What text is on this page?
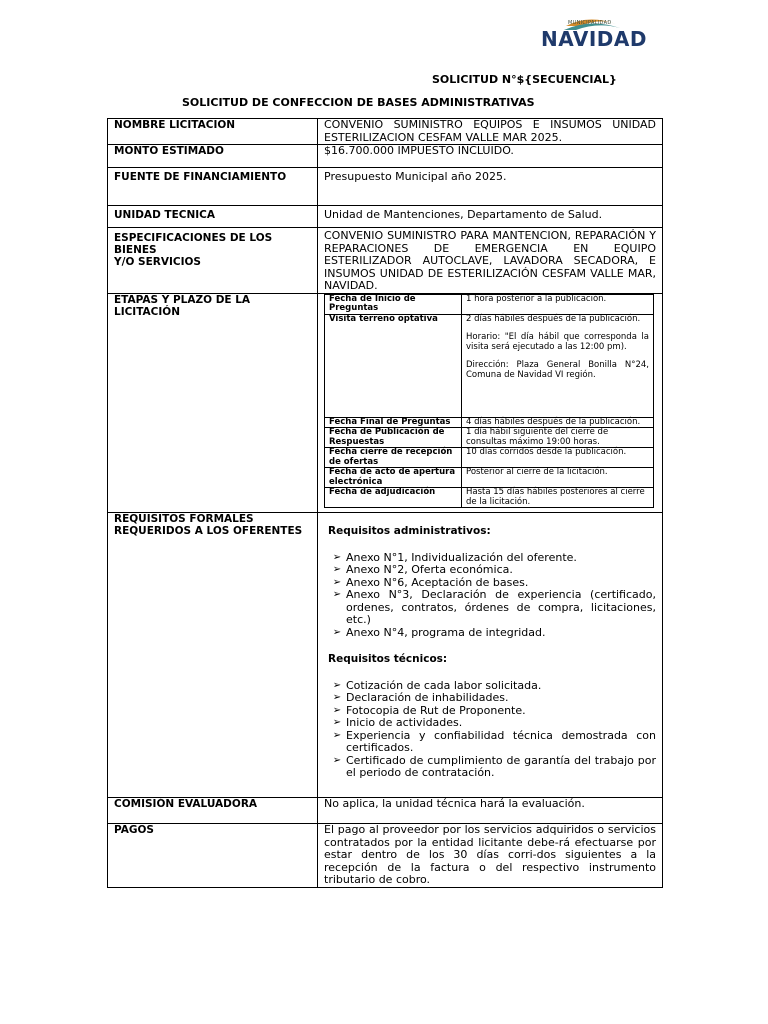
MUNICIPALIDAD
NAVIDAD
SOLICITUD N°${SECUENCIAL}
SOLICITUD DE CONFECCION DE BASES ADMINISTRATIVAS
NOMBRE LICITACION	CONVENIO SUMINISTRO EQUIPOS E INSUMOS UNIDAD ESTERILIZACION CESFAM VALLE MAR 2025.
MONTO ESTIMADO	$16.700.000 IMPUESTO INCLUIDO.
FUENTE DE FINANCIAMIENTO	Presupuesto Municipal año 2025.
UNIDAD TECNICA	Unidad de Mantenciones, Departamento de Salud.

ESPECIFICACIONES DE LOS BIENES
Y/O SERVICIOS
	CONVENIO SUMINISTRO PARA MANTENCION, REPARACIÓN Y REPARACIONES DE EMERGENCIA EN EQUIPO ESTERILIZADOR AUTOCLAVE, LAVADORA SECADORA, E INSUMOS UNIDAD DE ESTERILIZACIÓN CESFAM VALLE MAR, NAVIDAD.
ETAPAS Y PLAZO DE LA LICITACIÓN	
Fecha de Inicio de Preguntas	1 hora posterior a la publicación.
Visita terreno optativa	2 días hábiles después de la publicación.
Horario: "El día hábil que corresponda la visita será ejecutado a las 12:00 pm).
Dirección: Plaza General Bonilla N°24, Comuna de Navidad VI región.

Fecha Final de Preguntas	4 días hábiles después de la publicación.
Fecha de Publicación de Respuestas	1 día hábil siguiente del cierre de consultas máximo 19:00 horas.
Fecha cierre de recepción de ofertas	10 días corridos desde la publicación.
Fecha de acto de apertura electrónica	Posterior al cierre de la licitación.
Fecha de adjudicación	Hasta 15 días hábiles posteriores al cierre de la licitación.

REQUISITOS FORMALES REQUERIDOS A LOS OFERENTES	Requisitos administrativos:
➢ Anexo N°1, Individualización del oferente.
➢ Anexo N°2, Oferta económica.
➢ Anexo N°6, Aceptación de bases.
➢ Anexo N°3, Declaración de experiencia (certificado, ordenes, contratos, órdenes de compra, licitaciones, etc.)
➢ Anexo N°4, programa de integridad.
Requisitos técnicos:
➢ Cotización de cada labor solicitada.
➢ Declaración de inhabilidades.
➢ Fotocopia de Rut de Proponente.
➢ Inicio de actividades.
➢ Experiencia y confiabilidad técnica demostrada con certificados.
➢ Certificado de cumplimiento de garantía del trabajo por el periodo de contratación.

COMISIÓN EVALUADORA	No aplica, la unidad técnica hará la evaluación.
PAGOS	El pago al proveedor por los servicios adquiridos o servicios contratados por la entidad licitante debe-rá efectuarse por estar dentro de los 30 días corri-dos siguientes a la recepción de la factura o del respectivo instrumento tributario de cobro.
